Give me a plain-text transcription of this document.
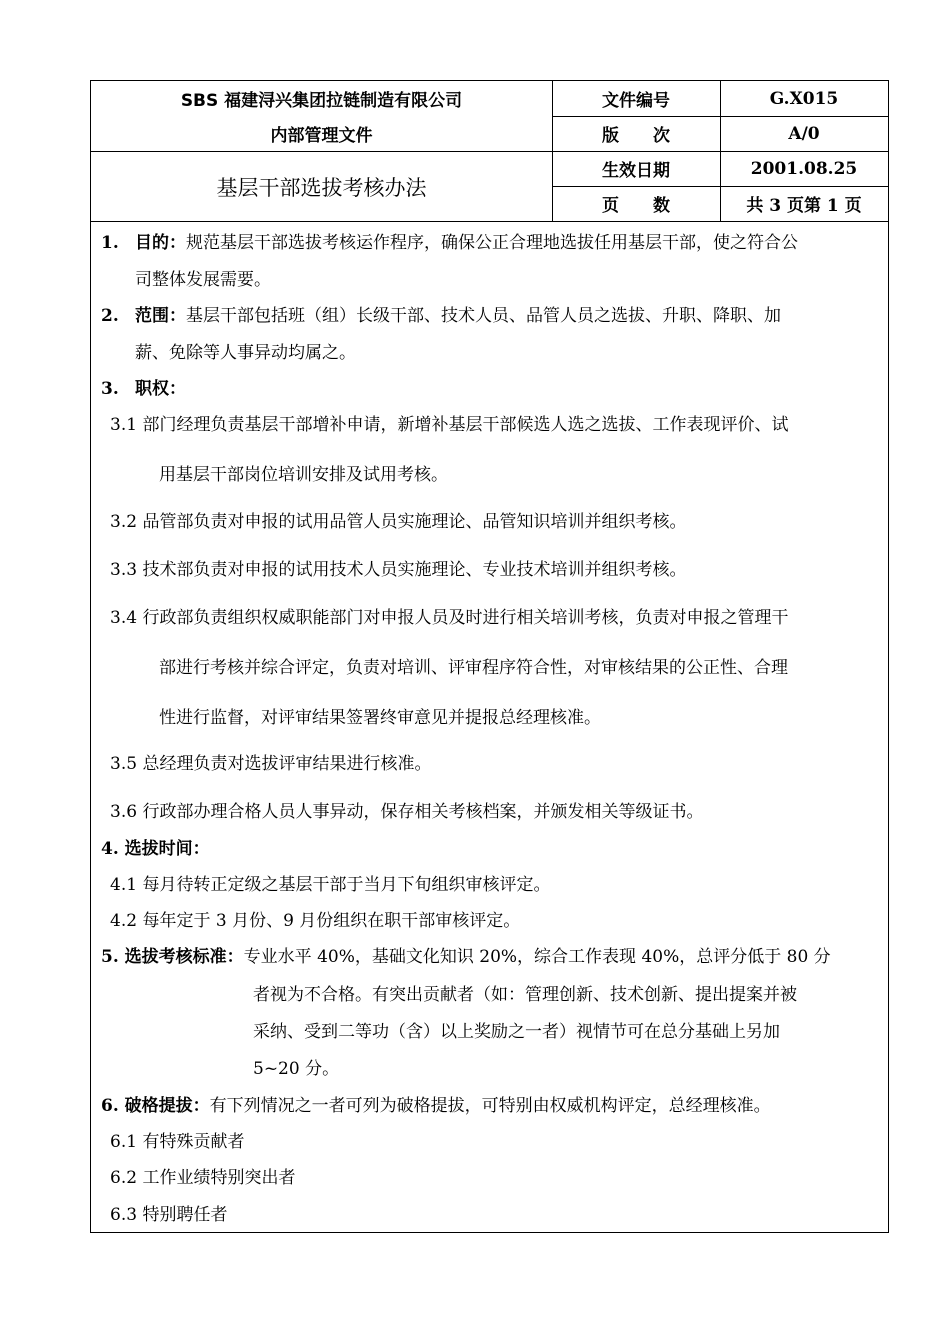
SBS 福建浔兴集团拉链制造有限公司
内部管理文件
基层干部选拔考核办法
文件编号	G.X015
版　　次	A/0
生效日期	2001.08.25
页　　数	共 3 页第 1 页
1. 目的：规范基层干部选拔考核运作程序，确保公正合理地选拔任用基层干部，使之符合公
司整体发展需要。
2. 范围：基层干部包括班（组）长级干部、技术人员、品管人员之选拔、升职、降职、加
薪、免除等人事异动均属之。
3. 职权：
3.1 部门经理负责基层干部增补申请，新增补基层干部候选人选之选拔、工作表现评价、试
用基层干部岗位培训安排及试用考核。
3.2 品管部负责对申报的试用品管人员实施理论、品管知识培训并组织考核。
3.3 技术部负责对申报的试用技术人员实施理论、专业技术培训并组织考核。
3.4 行政部负责组织权威职能部门对申报人员及时进行相关培训考核，负责对申报之管理干
部进行考核并综合评定，负责对培训、评审程序符合性，对审核结果的公正性、合理
性进行监督，对评审结果签署终审意见并提报总经理核准。
3.5 总经理负责对选拔评审结果进行核准。
3.6 行政部办理合格人员人事异动，保存相关考核档案，并颁发相关等级证书。
4. 选拔时间：
4.1 每月待转正定级之基层干部于当月下旬组织审核评定。
4.2 每年定于 3 月份、9 月份组织在职干部审核评定。
5. 选拔考核标准：专业水平 40%，基础文化知识 20%，综合工作表现 40%，总评分低于 80 分
者视为不合格。有突出贡献者（如：管理创新、技术创新、提出提案并被
采纳、受到二等功（含）以上奖励之一者）视情节可在总分基础上另加
5~20 分。
6. 破格提拔：有下列情况之一者可列为破格提拔，可特别由权威机构评定，总经理核准。
6.1 有特殊贡献者
6.2 工作业绩特别突出者
6.3 特别聘任者
